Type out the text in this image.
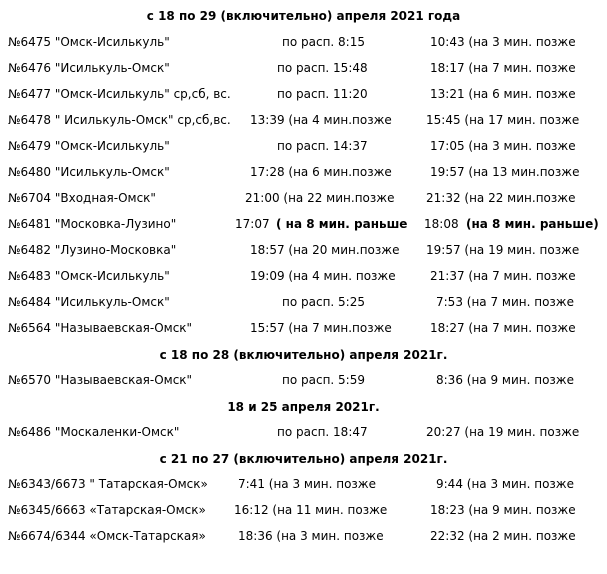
с 18 по 29 (включительно) апреля 2021 года
№6475 "Омск-Исилькуль"	по расп. 8:15	10:43 (на 3 мин. позже
№6476 "Исилькуль-Омск"	по расп. 15:48	18:17 (на 7 мин. позже
№6477 "Омск-Исилькуль" ср,сб, вс.	по расп. 11:20	13:21 (на 6 мин. позже
№6478 " Исилькуль-Омск" ср,сб,вс. 13:39 (на 4 мин.позже	15:45 (на 17 мин. позже
№6479 "Омск-Исилькуль"	по расп. 14:37	17:05 (на 3 мин. позже
№6480 "Исилькуль-Омск"	17:28 (на 6 мин.позже	19:57 (на 13 мин.позже
№6704 "Входная-Омск"	21:00 (на 22 мин.позже	21:32 (на 22 мин.позже
№6481 "Московка-Лузино"	17:07 ( на 8 мин. раньше 18:08 (на 8 мин. раньше)
№6482 "Лузино-Московка"	18:57 (на 20 мин.позже 19:57 (на 19 мин. позже
№6483 "Омск-Исилькуль"	19:09 (на 4 мин. позже	21:37 (на 7 мин. позже
№6484 "Исилькуль-Омск"	по расп. 5:25	7:53 (на 7 мин. позже
№6564 "Называевская-Омск"	15:57 (на 7 мин.позже	18:27 (на 7 мин. позже
с 18 по 28 (включительно) апреля 2021г.
№6570 "Называевская-Омск"	по расп. 5:59	8:36 (на 9 мин. позже
18 и 25 апреля 2021г.
№6486 "Москаленки-Омск"	по расп. 18:47	20:27 (на 19 мин. позже
с 21 по 27 (включительно) апреля 2021г.
№6343/6673 " Татарская-Омск»	7:41 (на 3 мин. позже	9:44 (на 3 мин. позже
№6345/6663 «Татарская-Омск» 16:12 (на 11 мин. позже	18:23 (на 9 мин. позже
№6674/6344 «Омск-Татарская»	18:36 (на 3 мин. позже	22:32 (на 2 мин. позже
